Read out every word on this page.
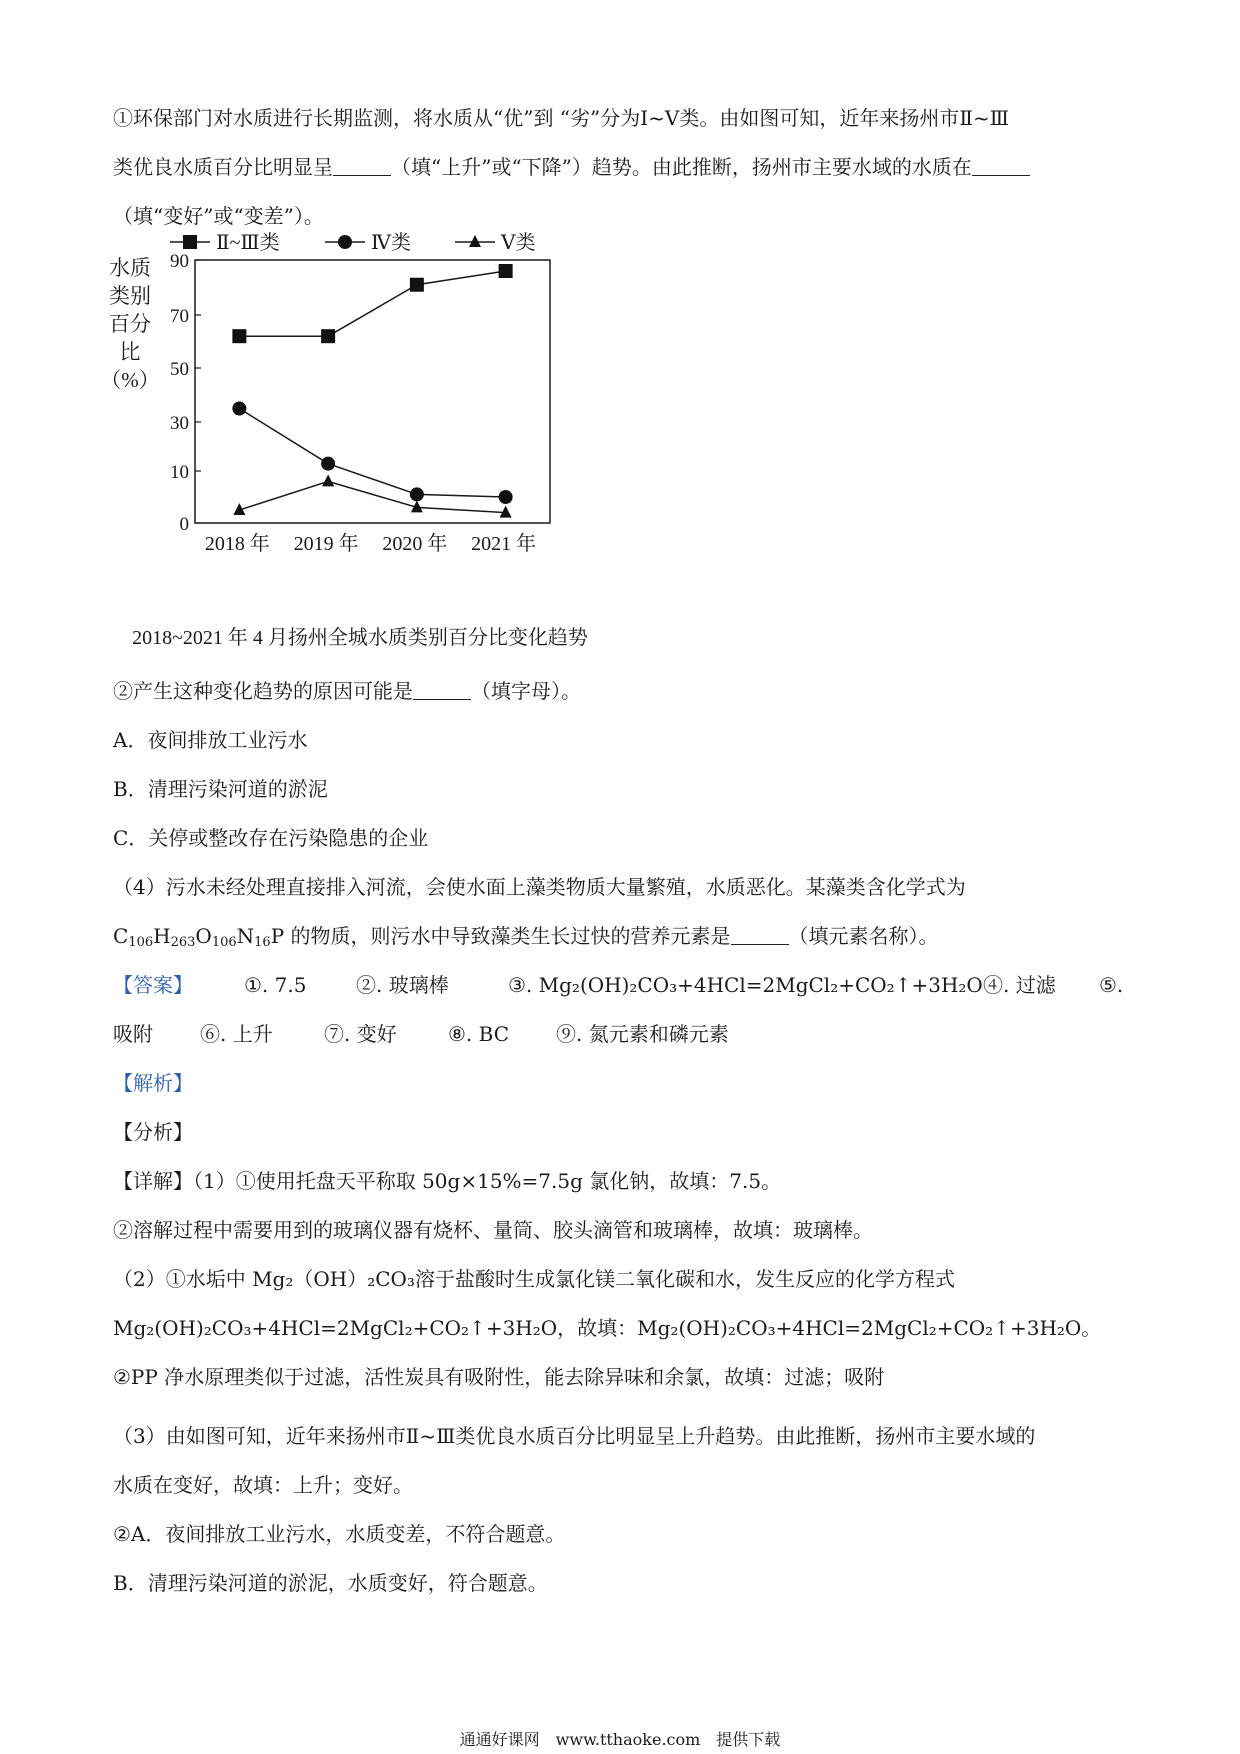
①环保部门对水质进行长期监测，将水质从“优”到 “劣”分为Ⅰ~Ⅴ类。由如图可知，近年来扬州市Ⅱ~Ⅲ
类优良水质百分比明显呈	（填“上升”或“下降”）趋势。由此推断，扬州市主要水域的水质在
（填“变好”或“变差”）。
Ⅱ~Ⅲ类	Ⅳ类	Ⅴ类
水质
类别
百分
比
（%）
0
10
30
50
70
90
2018 年 2019 年 2020 年 2021 年
2018~2021 年 4 月扬州全城水质类别百分比变化趋势
②产生这种变化趋势的原因可能是	（填字母）。
A．夜间排放工业污水
B．清理污染河道的淤泥
C．关停或整改存在污染隐患的企业
（4）污水未经处理直接排入河流，会使水面上藻类物质大量繁殖，水质恶化。某藻类含化学式为
$C_{106}H_{263}O_{106}N_{16}P$ 的物质，则污水中导致藻类生长过快的营养元素是	（填元素名称）。
【答案】	①. 7.5 ②. 玻璃棒	③. Mg₂(OH)₂CO₃+4HCl=2MgCl₂+CO₂↑+3H₂O ④. 过滤 ⑤.
吸附 ⑥. 上升	⑦. 变好	⑧. BC ⑨. 氮元素和磷元素
【解析】
【分析】
【详解】（1）①使用托盘天平称取 50g×15%=7.5g 氯化钠，故填：7.5。
②溶解过程中需要用到的玻璃仪器有烧杯、量筒、胶头滴管和玻璃棒，故填：玻璃棒。
（2）①水垢中 Mg₂（OH）₂CO₃溶于盐酸时生成氯化镁二氧化碳和水，发生反应的化学方程式
Mg₂(OH)₂CO₃+4HCl=2MgCl₂+CO₂↑+3H₂O，故填：Mg₂(OH)₂CO₃+4HCl=2MgCl₂+CO₂↑+3H₂O。
②PP 净水原理类似于过滤，活性炭具有吸附性，能去除异味和余氯，故填：过滤；吸附
（3）由如图可知，近年来扬州市Ⅱ~Ⅲ类优良水质百分比明显呈上升趋势。由此推断，扬州市主要水域的
水质在变好，故填：上升；变好。
②A．夜间排放工业污水，水质变差，不符合题意。
B．清理污染河道的淤泥，水质变好，符合题意。
通通好课网　www.tthaoke.com　提供下载
